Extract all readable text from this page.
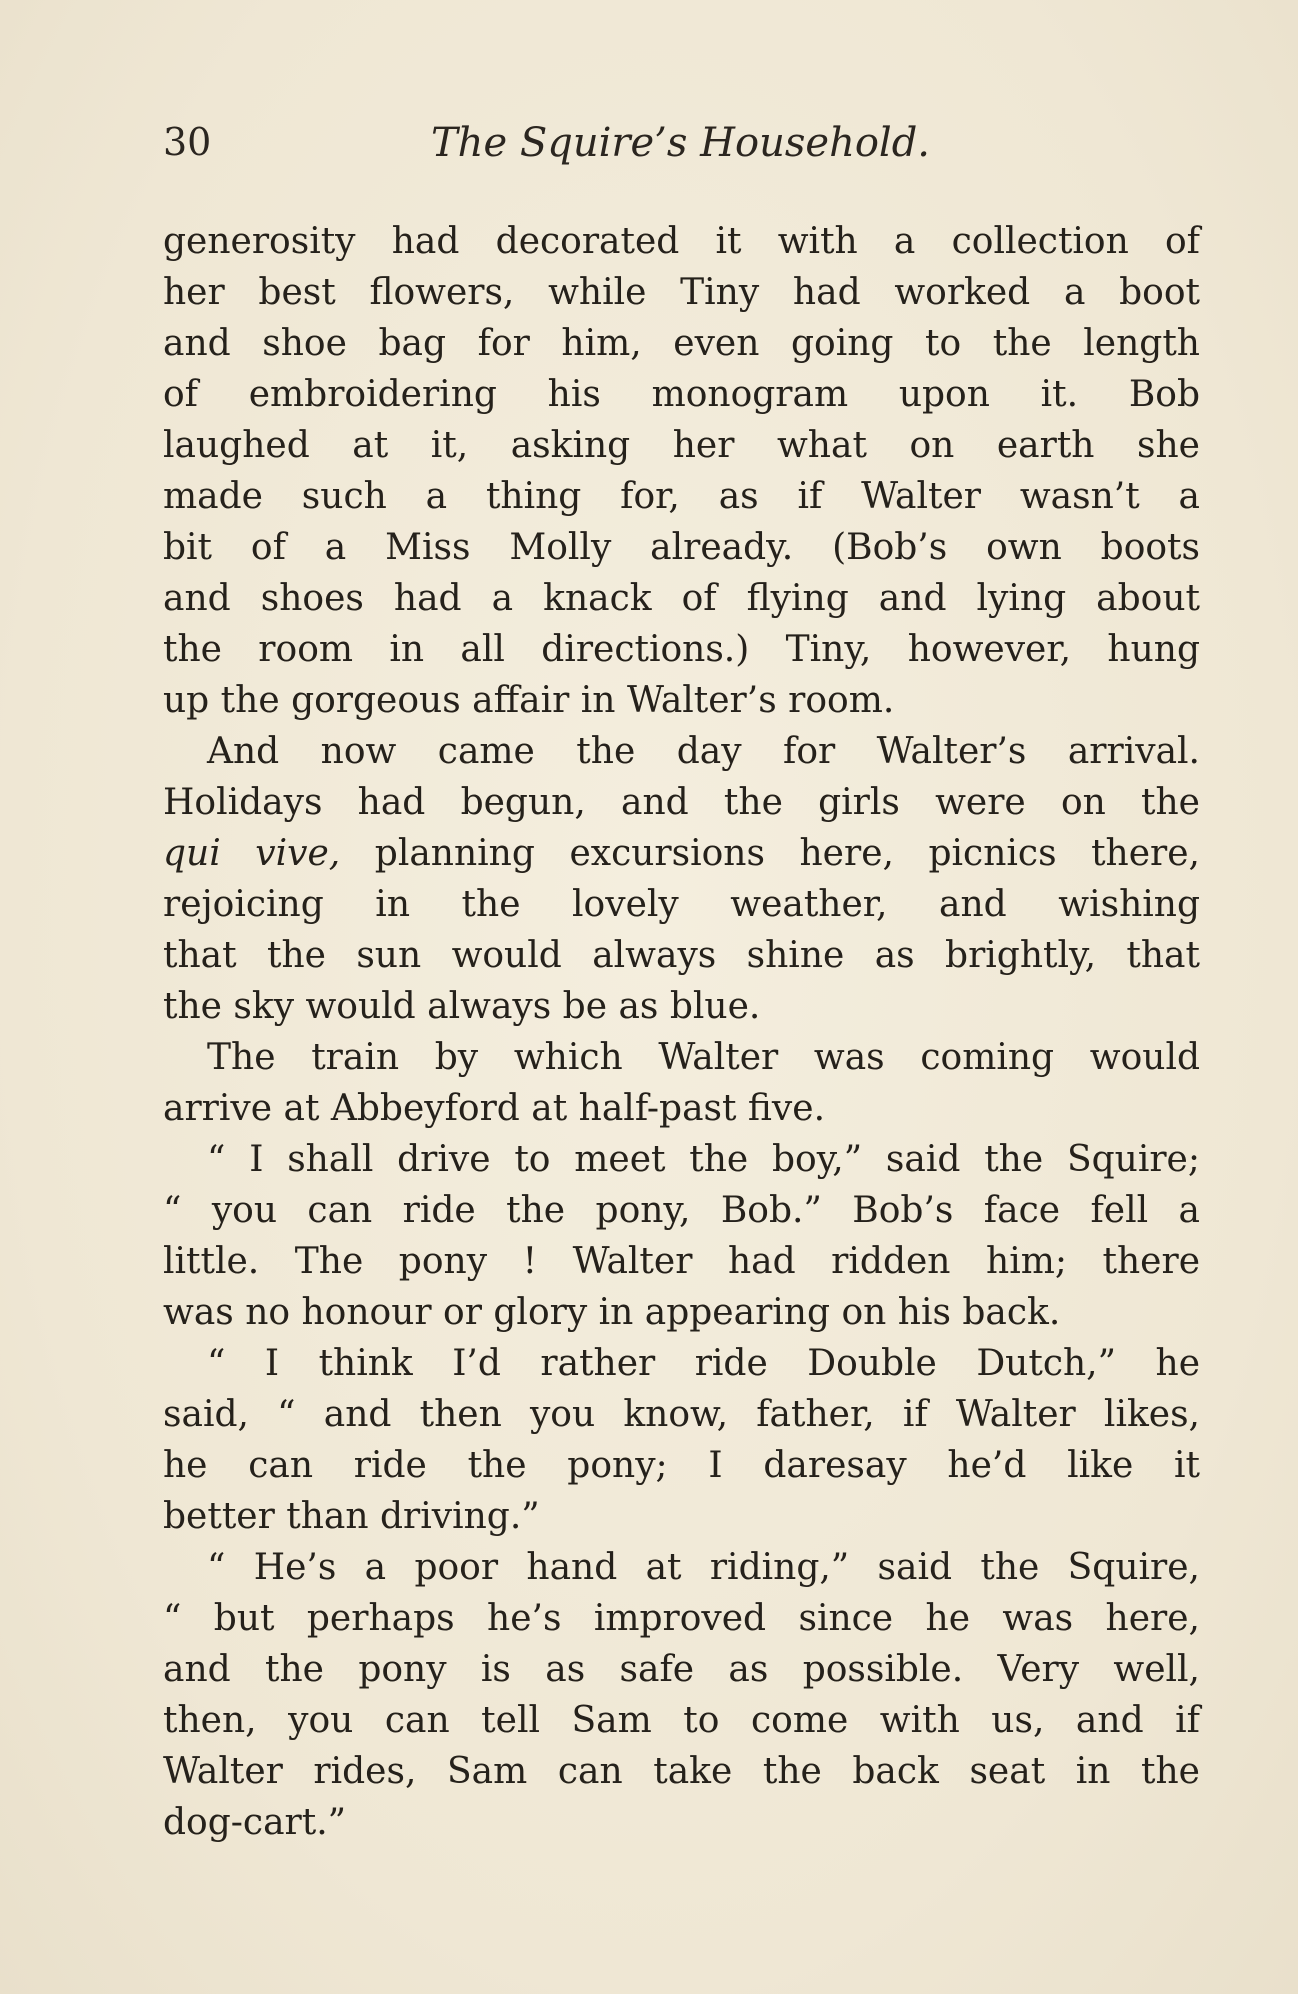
30	The Squire’s Household.
generosity had decorated it with a collection of
her best flowers, while Tiny had worked a boot
and shoe bag for him, even going to the length
of embroidering his monogram upon it. Bob
laughed at it, asking her what on earth she
made such a thing for, as if Walter wasn’t a
bit of a Miss Molly already. (Bob’s own boots
and shoes had a knack of flying and lying about
the room in all directions.) Tiny, however, hung
up the gorgeous affair in Walter’s room.
And now came the day for Walter’s arrival.
Holidays had begun, and the girls were on the
qui vive, planning excursions here, picnics there,
rejoicing in the lovely weather, and wishing
that the sun would always shine as brightly, that
the sky would always be as blue.
The train by which Walter was coming would
arrive at Abbeyford at half-past five.
“ I shall drive to meet the boy,” said the Squire;
“ you can ride the pony, Bob.” Bob’s face fell a
little. The pony ! Walter had ridden him; there
was no honour or glory in appearing on his back.
“ I think I’d rather ride Double Dutch,” he
said, “ and then you know, father, if Walter likes,
he can ride the pony; I daresay he’d like it
better than driving.”
“ He’s a poor hand at riding,” said the Squire,
“ but perhaps he’s improved since he was here,
and the pony is as safe as possible. Very well,
then, you can tell Sam to come with us, and if
Walter rides, Sam can take the back seat in the
dog-cart.”
